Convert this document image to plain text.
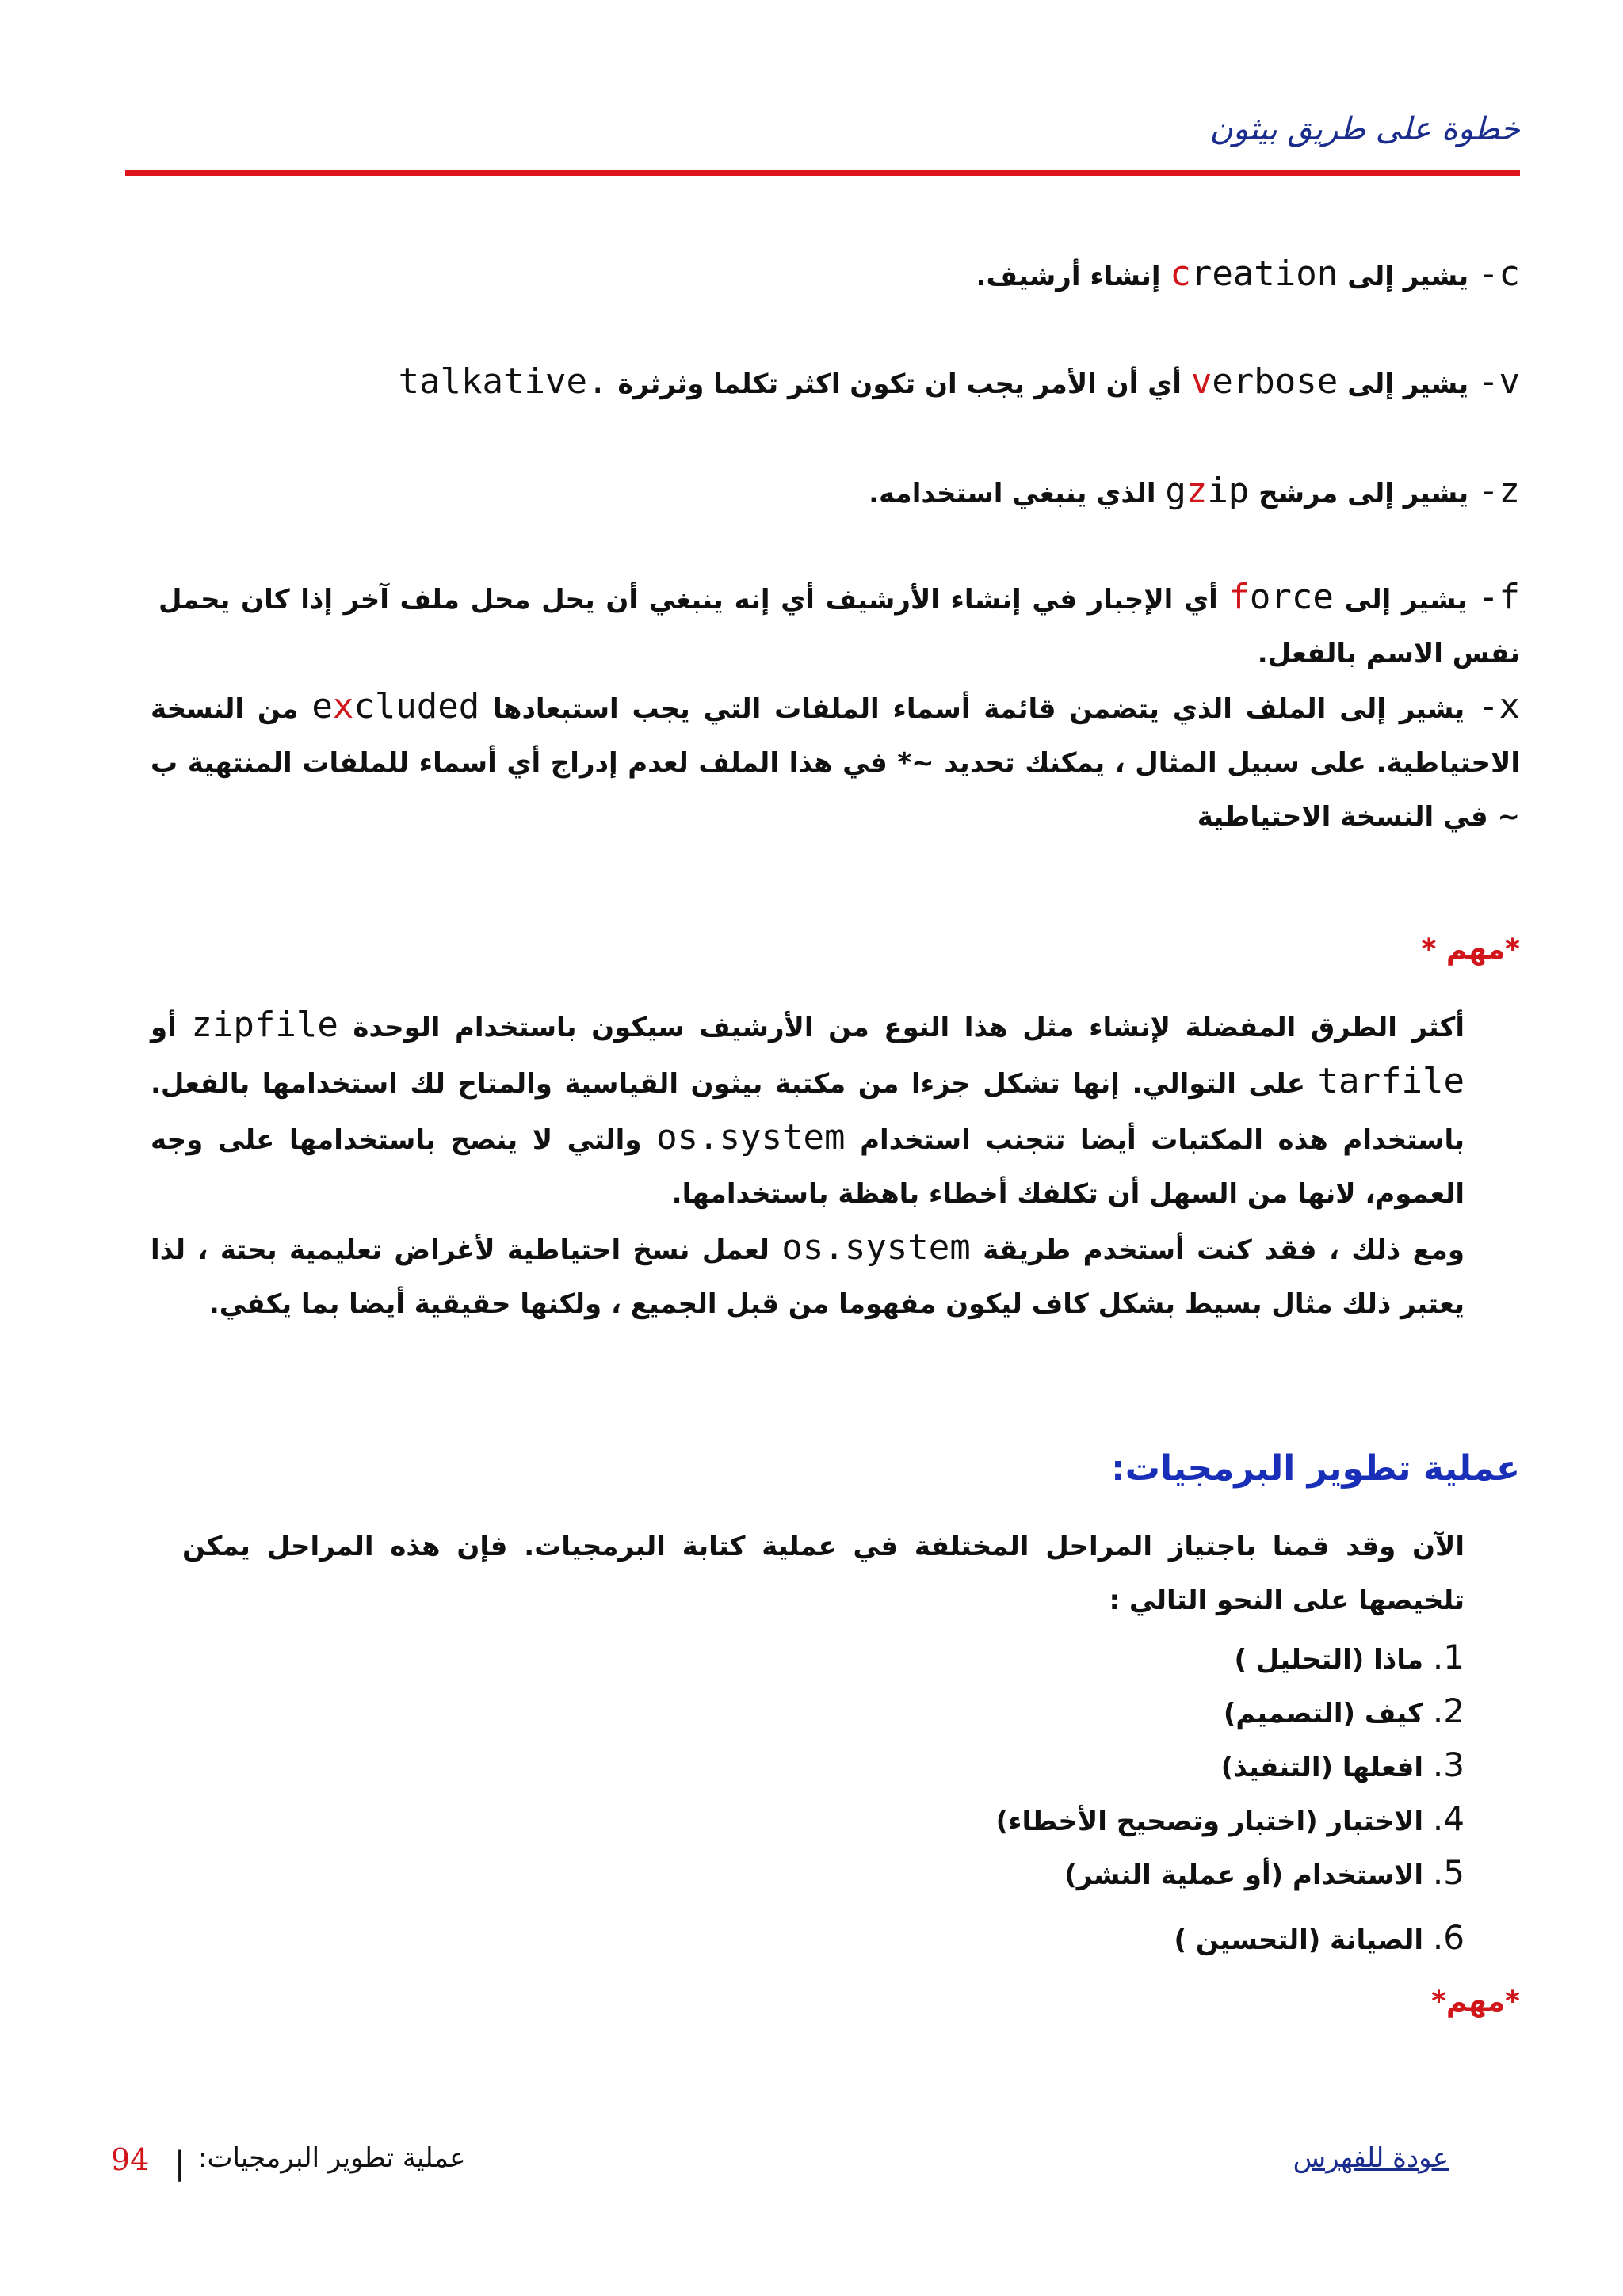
خطوة على طريق بيثون
c- يشير إلى creation إنشاء أرشيف.
v- يشير إلى verbose أي أن الأمر يجب ان تكون اكثر تكلما وثرثرة talkative.
z- يشير إلى مرشح gzip الذي ينبغي استخدامه.
f- يشير إلى force أي الإجبار في إنشاء الأرشيف أي إنه ينبغي أن يحل محل ملف آخر إذا كان يحمل نفس الاسم بالفعل.
x- يشير إلى الملف الذي يتضمن قائمة أسماء الملفات التي يجب استبعادها excluded من النسخة الاحتياطية. على سبيل المثال ، يمكنك تحديد ~* في هذا الملف لعدم إدراج أي أسماء للملفات المنتهية ب ~ في النسخة الاحتياطية
*مهم *
أكثر الطرق المفضلة لإنشاء مثل هذا النوع من الأرشيف سيكون باستخدام الوحدة zipfile أو tarfile على التوالي. إنها تشكل جزءا من مكتبة بيثون القياسية والمتاح لك استخدامها بالفعل. باستخدام هذه المكتبات أيضا تتجنب استخدام os.system والتي لا ينصح باستخدامها على وجه العموم، لانها من السهل أن تكلفك أخطاء باهظة باستخدامها.
ومع ذلك ، فقد كنت أستخدم طريقة os.system لعمل نسخ احتياطية لأغراض تعليمية بحتة ، لذا يعتبر ذلك مثال بسيط بشكل كاف ليكون مفهوما من قبل الجميع ، ولكنها حقيقية أيضا بما يكفي.
عملية تطوير البرمجيات:
الآن وقد قمنا باجتياز المراحل المختلفة في عملية كتابة البرمجيات. فإن هذه المراحل يمكن تلخيصها على النحو التالي :
1. ماذا (التحليل )
2. كيف (التصميم)
3. افعلها (التنفيذ)
4. الاختبار (اختبار وتصحيح الأخطاء)
5. الاستخدام (أو عملية النشر)
6. الصيانة (التحسين )
*مهم*
94 | عملية تطوير البرمجيات:	عودة للفهرس
